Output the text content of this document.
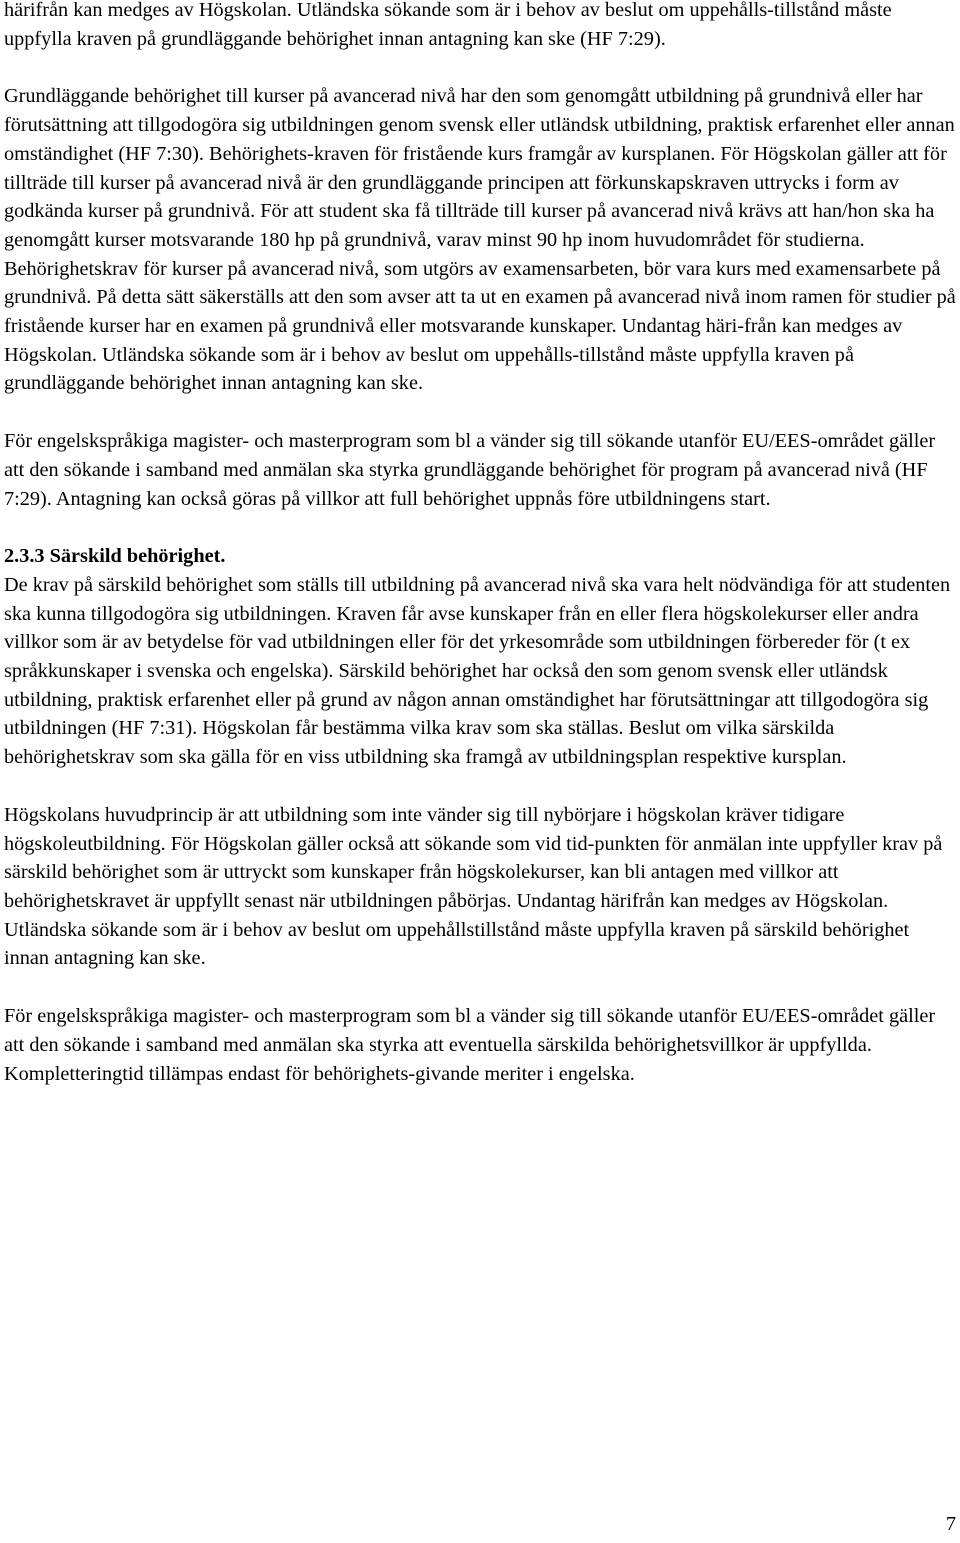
härifrån kan medges av Högskolan. Utländska sökande som är i behov av beslut om uppehålls-tillstånd måste uppfylla kraven på grundläggande behörighet innan antagning kan ske (HF 7:29).

Grundläggande behörighet till kurser på avancerad nivå har den som genomgått utbildning på grundnivå eller har förutsättning att tillgodogöra sig utbildningen genom svensk eller utländsk utbildning, praktisk erfarenhet eller annan omständighet (HF 7:30). Behörighets-kraven för fristående kurs framgår av kursplanen. För Högskolan gäller att för tillträde till kurser på avancerad nivå är den grundläggande principen att förkunskapskraven uttrycks i form av godkända kurser på grundnivå. För att student ska få tillträde till kurser på avancerad nivå krävs att han/hon ska ha genomgått kurser motsvarande 180 hp på grundnivå, varav minst 90 hp inom huvudområdet för studierna. Behörighetskrav för kurser på avancerad nivå, som utgörs av examensarbeten, bör vara kurs med examensarbete på grundnivå. På detta sätt säkerställs att den som avser att ta ut en examen på avancerad nivå inom ramen för studier på fristående kurser har en examen på grundnivå eller motsvarande kunskaper. Undantag häri-från kan medges av Högskolan. Utländska sökande som är i behov av beslut om uppehålls-tillstånd måste uppfylla kraven på grundläggande behörighet innan antagning kan ske.

För engelskspråkiga magister- och masterprogram som bl a vänder sig till sökande utanför EU/EES-området gäller att den sökande i samband med anmälan ska styrka grundläggande behörighet för program på avancerad nivå (HF 7:29). Antagning kan också göras på villkor att full behörighet uppnås före utbildningens start.

2.3.3 Särskild behörighet.

De krav på särskild behörighet som ställs till utbildning på avancerad nivå ska vara helt nödvändiga för att studenten ska kunna tillgodogöra sig utbildningen. Kraven får avse kunskaper från en eller flera högskolekurser eller andra villkor som är av betydelse för vad utbildningen eller för det yrkesområde som utbildningen förbereder för (t ex språkkunskaper i svenska och engelska). Särskild behörighet har också den som genom svensk eller utländsk utbildning, praktisk erfarenhet eller på grund av någon annan omständighet har förutsättningar att tillgodogöra sig utbildningen (HF 7:31). Högskolan får bestämma vilka krav som ska ställas. Beslut om vilka särskilda behörighetskrav som ska gälla för en viss utbildning ska framgå av utbildningsplan respektive kursplan.

Högskolans huvudprincip är att utbildning som inte vänder sig till nybörjare i högskolan kräver tidigare högskoleutbildning. För Högskolan gäller också att sökande som vid tid-punkten för anmälan inte uppfyller krav på särskild behörighet som är uttryckt som kunskaper från högskolekurser, kan bli antagen med villkor att behörighetskravet är uppfyllt senast när utbildningen påbörjas. Undantag härifrån kan medges av Högskolan. Utländska sökande som är i behov av beslut om uppehållstillstånd måste uppfylla kraven på särskild behörighet innan antagning kan ske.

För engelskspråkiga magister- och masterprogram som bl a vänder sig till sökande utanför EU/EES-området gäller att den sökande i samband med anmälan ska styrka att eventuella särskilda behörighetsvillkor är uppfyllda. Kompletteringtid tillämpas endast för behörighets-givande meriter i engelska.

7
